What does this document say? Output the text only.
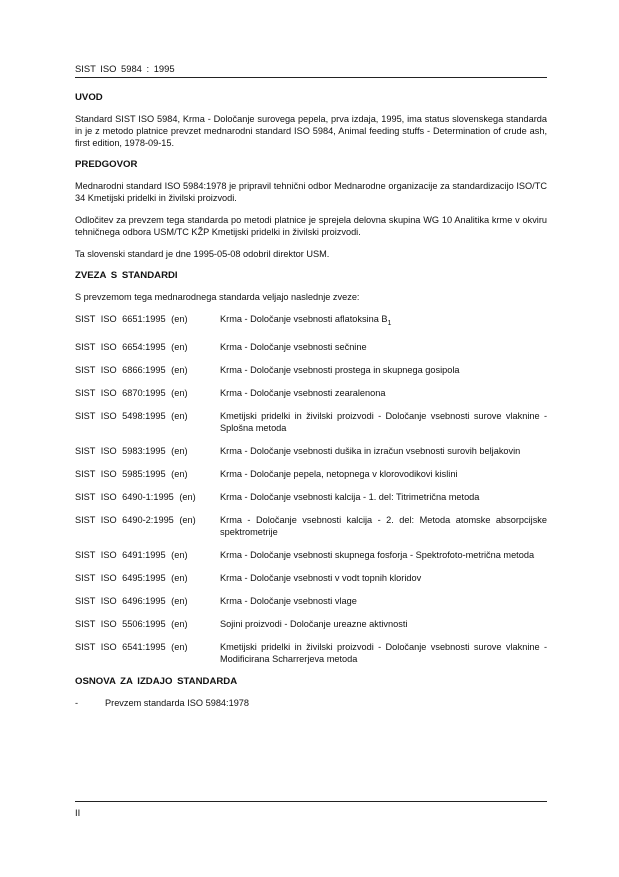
SIST ISO 5984 : 1995
UVOD

Standard SIST ISO 5984, Krma - Določanje surovega pepela, prva izdaja, 1995, ima status slovenskega standarda in je z metodo platnice prevzet mednarodni standard ISO 5984, Animal feeding stuffs - Determination of crude ash, first edition, 1978-09-15.

PREDGOVOR

Mednarodni standard ISO 5984:1978 je pripravil tehnični odbor Mednarodne organizacije za standardizacijo ISO/TC 34 Kmetijski pridelki in živilski proizvodi.

Odločitev za prevzem tega standarda po metodi platnice je sprejela delovna skupina WG 10 Analitika krme v okviru tehničnega odbora USM/TC KŽP Kmetijski pridelki in živilski proizvodi.

Ta slovenski standard je dne 1995-05-08 odobril direktor USM.

ZVEZA S STANDARDI

S prevzemom tega mednarodnega standarda veljajo naslednje zveze:

SIST ISO 6651:1995 (en)	Krma - Določanje vsebnosti aflatoksina $B_1$
SIST ISO 6654:1995 (en)	Krma - Določanje vsebnosti sečnine
SIST ISO 6866:1995 (en)	Krma - Določanje vsebnosti prostega in skupnega gosipola
SIST ISO 6870:1995 (en)	Krma - Določanje vsebnosti zearalenona
SIST ISO 5498:1995 (en)	Kmetijski pridelki in živilski proizvodi - Določanje vsebnosti surove vlaknine - Splošna metoda
SIST ISO 5983:1995 (en)	Krma - Določanje vsebnosti dušika in izračun vsebnosti surovih beljakovin
SIST ISO 5985:1995 (en)	Krma - Določanje pepela, netopnega v klorovodikovi kislini
SIST ISO 6490-1:1995 (en)	Krma - Določanje vsebnosti kalcija - 1. del: Titrimetrična metoda
SIST ISO 6490-2:1995 (en)	Krma - Določanje vsebnosti kalcija - 2. del: Metoda atomske absorpcijske spektrometrije
SIST ISO 6491:1995 (en)	Krma - Določanje vsebnosti skupnega fosforja - Spektrofoto-metrična metoda
SIST ISO 6495:1995 (en)	Krma - Določanje vsebnosti v vodt topnih kloridov
SIST ISO 6496:1995 (en)	Krma - Določanje vsebnosti vlage
SIST ISO 5506:1995 (en)	Sojini proizvodi - Določanje ureazne aktivnosti
SIST ISO 6541:1995 (en)	Kmetijski pridelki in živilski proizvodi - Določanje vsebnosti surove vlaknine - Modificirana Scharrerjeva metoda
OSNOVA ZA IZDAJO STANDARDA
-	Prevzem standarda ISO 5984:1978
II
